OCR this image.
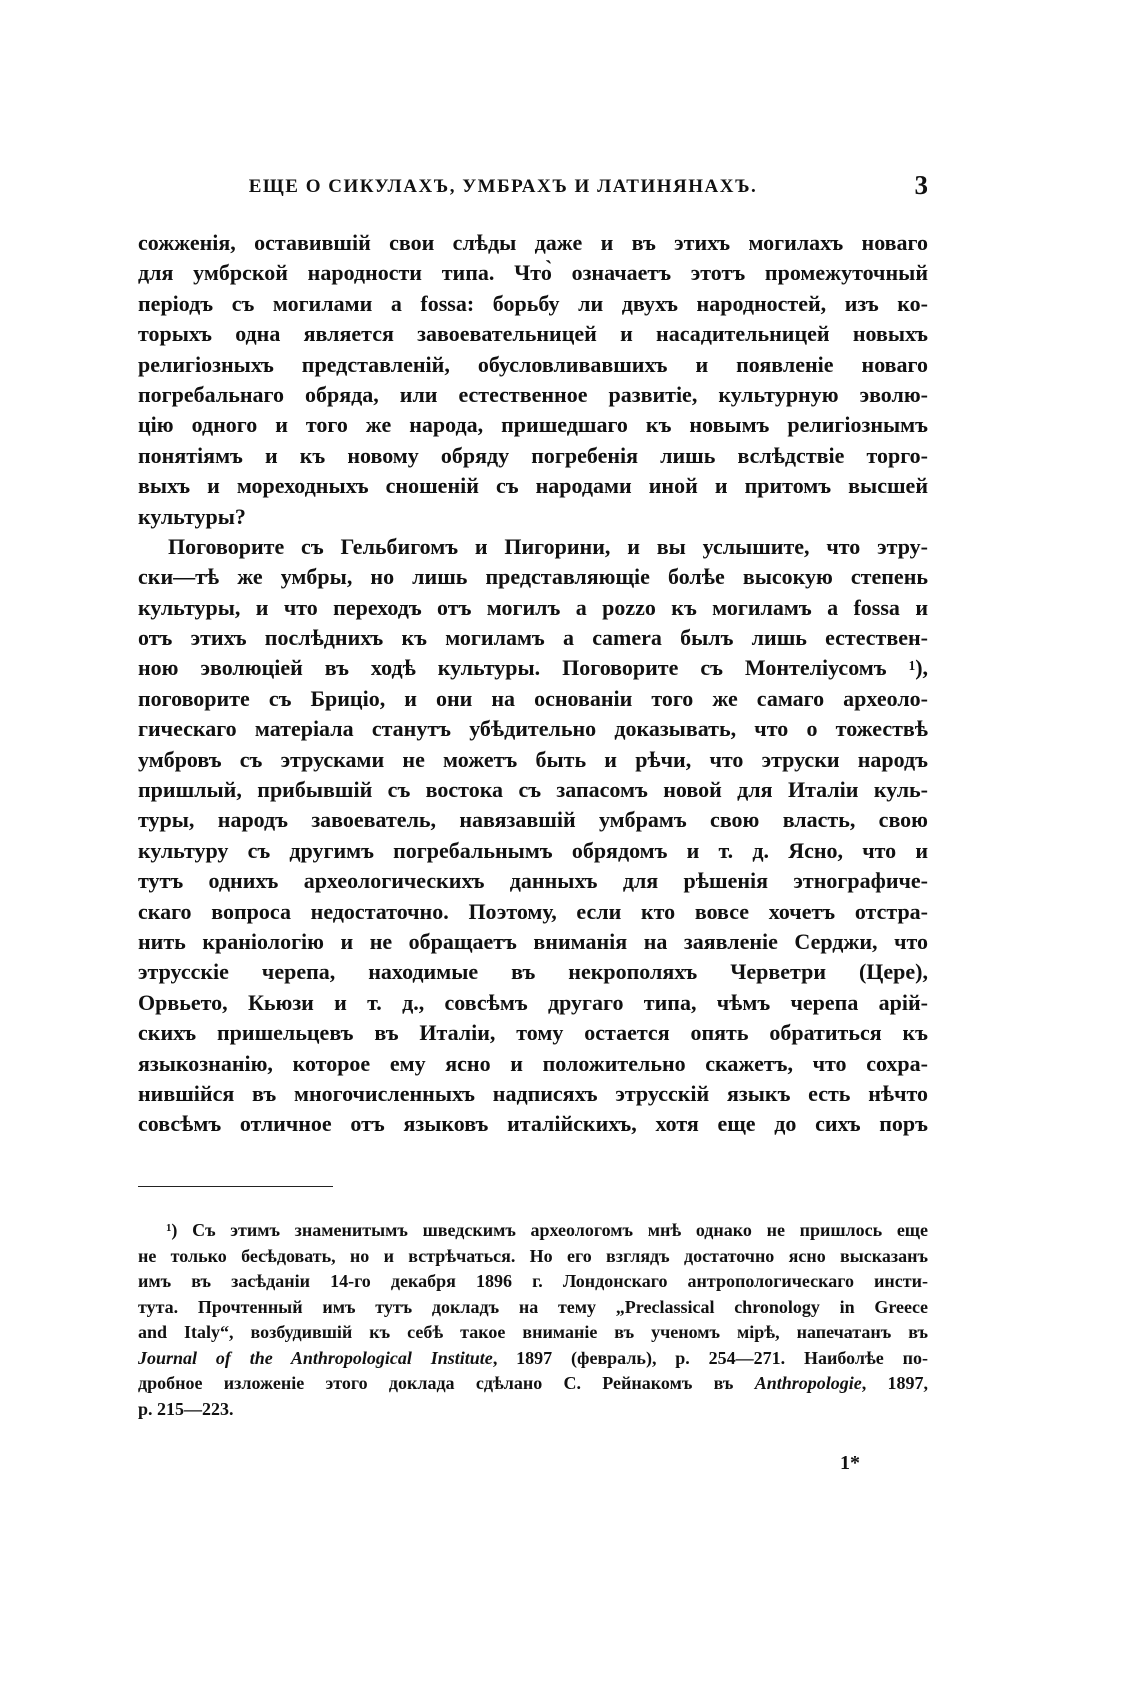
ЕЩЕ О СИКУЛАХЪ, УМБРАХЪ И ЛАТИНЯНАХЪ.	3
сожженія, оставившій свои слѣды даже и въ этихъ могилахъ новаго
для умбрской народности типа. Что̀ означаетъ этотъ промежуточный
періодъ съ могилами a fossa: борьбу ли двухъ народностей, изъ ко-
торыхъ одна является завоевательницей и насадительницей новыхъ
религіозныхъ представленій, обусловливавшихъ и появленіе новаго
погребальнаго обряда, или естественное развитіе, культурную эволю-
цію одного и того же народа, пришедшаго къ новымъ религіознымъ
понятіямъ и къ новому обряду погребенія лишь вслѣдствіе торго-
выхъ и мореходныхъ сношеній съ народами иной и притомъ высшей
культуры?
Поговорите съ Гельбигомъ и Пигорини, и вы услышите, что этру-
ски—тѣ же умбры, но лишь представляющіе болѣе высокую степень
культуры, и что переходъ отъ могилъ a pozzo къ могиламъ a fossa и
отъ этихъ послѣднихъ къ могиламъ a camera былъ лишь естествен-
ною эволюціей въ ходѣ культуры. Поговорите съ Монтеліусомъ $^1$),
поговорите съ Бриціо, и они на основаніи того же самаго археоло-
гическаго матеріала станутъ убѣдительно доказывать, что о тожествѣ
умбровъ съ этрусками не можетъ быть и рѣчи, что этруски народъ
пришлый, прибывшій съ востока съ запасомъ новой для Италіи куль-
туры, народъ завоеватель, навязавшій умбрамъ свою власть, свою
культуру съ другимъ погребальнымъ обрядомъ и т. д. Ясно, что и
тутъ однихъ археологическихъ данныхъ для рѣшенія этнографиче-
скаго вопроса недостаточно. Поэтому, если кто вовсе хочетъ отстра-
нить краніологію и не обращаетъ вниманія на заявленіе Серджи, что
этрусскіе черепа, находимые въ некрополяхъ Черветри (Церe),
Орвьето, Кьюзи и т. д., совсѣмъ другаго типа, чѣмъ черепа арій-
скихъ пришельцевъ въ Италіи, тому остается опять обратиться къ
языкознанію, которое ему ясно и положительно скажетъ, что сохра-
нившійся въ многочисленныхъ надписяхъ этрусскій языкъ есть нѣчто
совсѣмъ отличное отъ языковъ италійскихъ, хотя еще до сихъ поръ
$^1$) Съ этимъ знаменитымъ шведскимъ археологомъ мнѣ однако не пришлось еще
не только бесѣдовать, но и встрѣчаться. Но его взглядъ достаточно ясно высказанъ
имъ въ засѣданіи 14-го декабря 1896 г. Лондонскаго антропологическаго инсти-
тута. Прочтенный имъ тутъ докладъ на тему „Preclassical chronology in Greece
and Italy“, возбудившій къ себѣ такое вниманіе въ ученомъ мірѣ, напечатанъ въ
Journal of the Anthropological Institute, 1897 (февраль), p. 254—271. Наиболѣе по-
дробное изложеніе этого доклада сдѣлано С. Рейнакомъ въ Anthropologie, 1897,
p. 215—223.
1*
